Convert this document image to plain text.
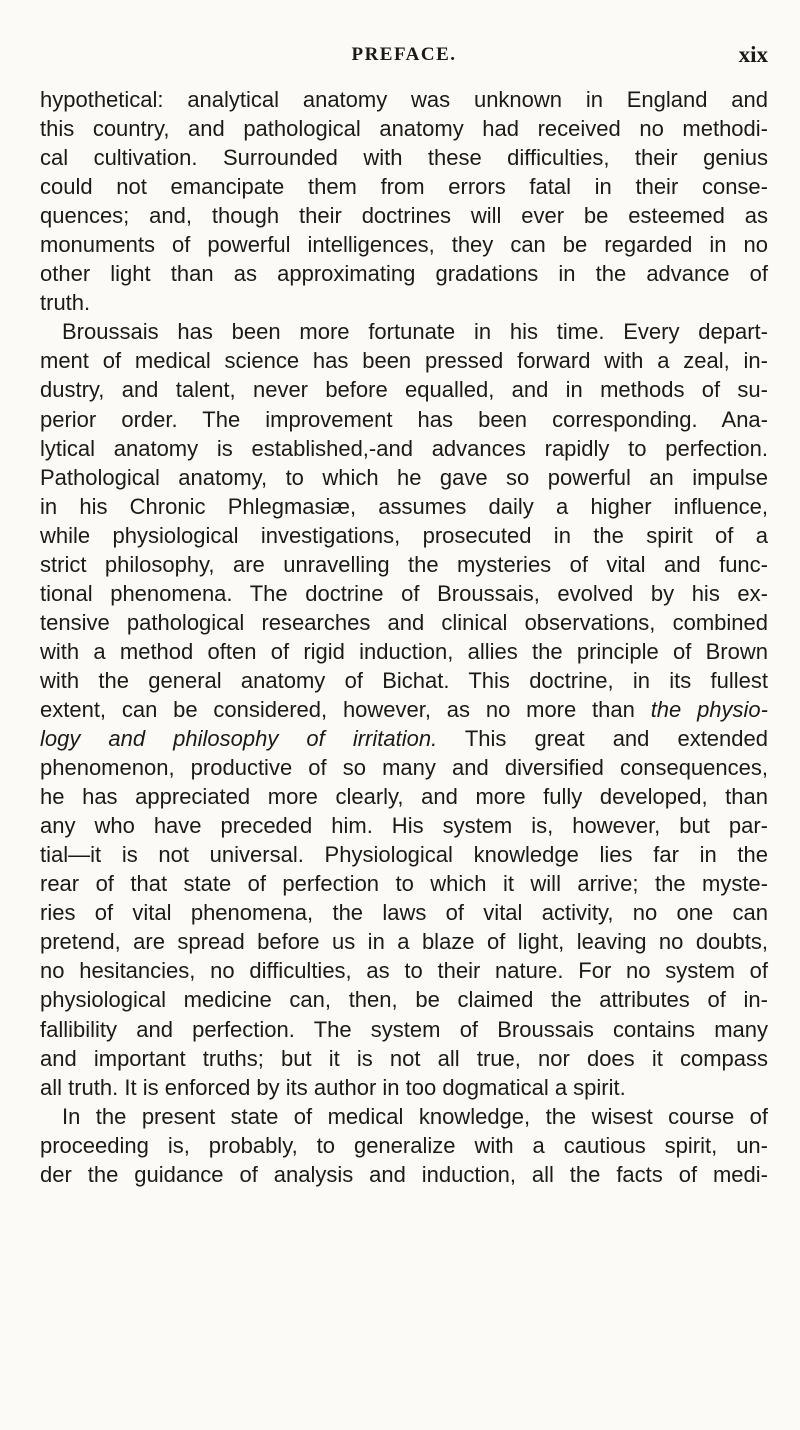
PREFACE.	xix
hypothetical: analytical anatomy was unknown in England and
this country, and pathological anatomy had received no methodi-
cal cultivation. Surrounded with these difficulties, their genius
could not emancipate them from errors fatal in their conse-
quences; and, though their doctrines will ever be esteemed as
monuments of powerful intelligences, they can be regarded in no
other light than as approximating gradations in the advance of
truth.
Broussais has been more fortunate in his time. Every depart-
ment of medical science has been pressed forward with a zeal, in-
dustry, and talent, never before equalled, and in methods of su-
perior order. The improvement has been corresponding. Ana-
lytical anatomy is established,-and advances rapidly to perfection.
Pathological anatomy, to which he gave so powerful an impulse
in his Chronic Phlegmasiæ, assumes daily a higher influence,
while physiological investigations, prosecuted in the spirit of a
strict philosophy, are unravelling the mysteries of vital and func-
tional phenomena. The doctrine of Broussais, evolved by his ex-
tensive pathological researches and clinical observations, combined
with a method often of rigid induction, allies the principle of Brown
with the general anatomy of Bichat. This doctrine, in its fullest
extent, can be considered, however, as no more than the physio-
logy and philosophy of irritation. This great and extended
phenomenon, productive of so many and diversified consequences,
he has appreciated more clearly, and more fully developed, than
any who have preceded him. His system is, however, but par-
tial—it is not universal. Physiological knowledge lies far in the
rear of that state of perfection to which it will arrive; the myste-
ries of vital phenomena, the laws of vital activity, no one can
pretend, are spread before us in a blaze of light, leaving no doubts,
no hesitancies, no difficulties, as to their nature. For no system of
physiological medicine can, then, be claimed the attributes of in-
fallibility and perfection. The system of Broussais contains many
and important truths; but it is not all true, nor does it compass
all truth. It is enforced by its author in too dogmatical a spirit.
In the present state of medical knowledge, the wisest course of
proceeding is, probably, to generalize with a cautious spirit, un-
der the guidance of analysis and induction, all the facts of medi-
